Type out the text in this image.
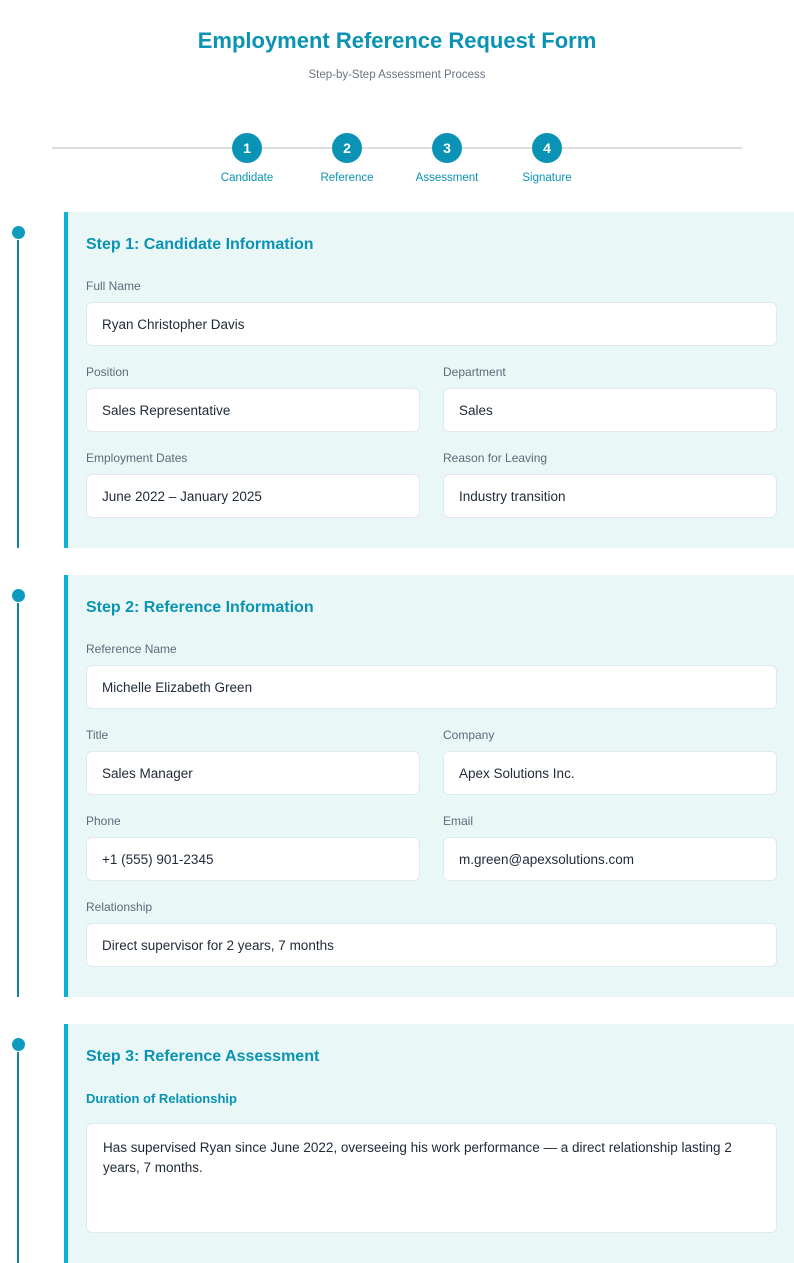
Employment Reference Request Form
Step-by-Step Assessment Process
1
Candidate
2
Reference
3
Assessment
4
Signature
Step 1: Candidate Information
Full Name
Ryan Christopher Davis
Position
Sales Representative	Department
Sales
Employment Dates
June 2022 – January 2025	Reason for Leaving
Industry transition
Step 2: Reference Information
Reference Name
Michelle Elizabeth Green
Title
Sales Manager	Company
Apex Solutions Inc.
Phone
+1 (555) 901-2345	Email
m.green@apexsolutions.com
Relationship
Direct supervisor for 2 years, 7 months
Step 3: Reference Assessment
Duration of Relationship
Has supervised Ryan since June 2022, overseeing his work performance — a direct relationship lasting 2 years, 7 months.
